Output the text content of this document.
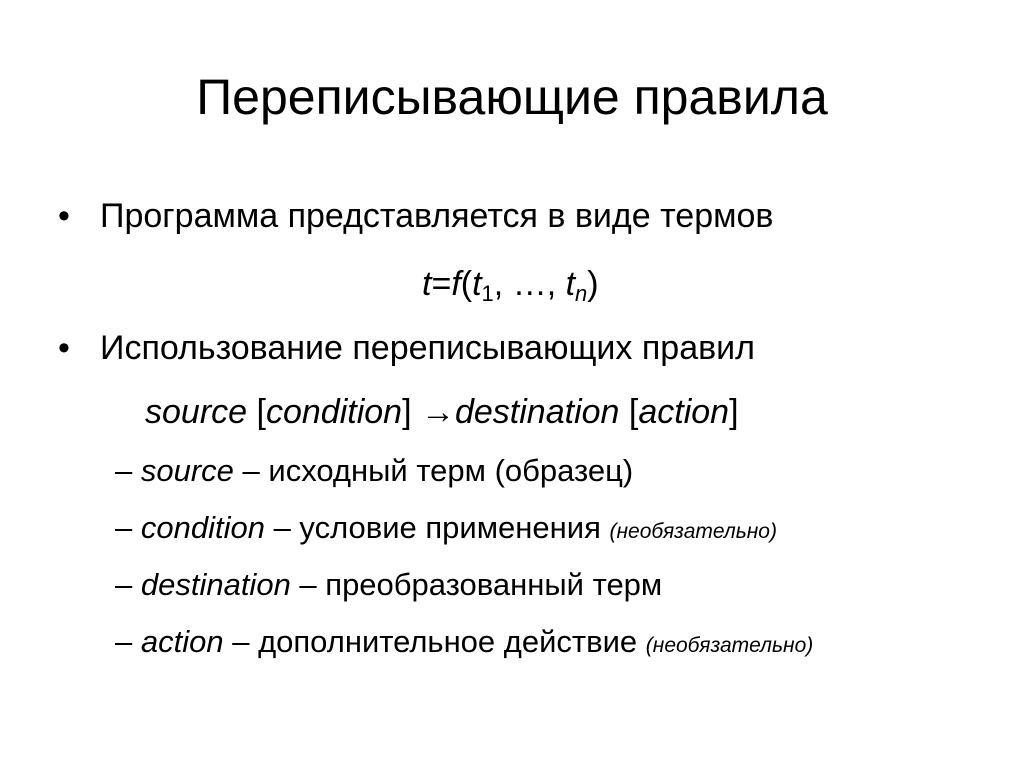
Переписывающие правила
• Программа представляется в виде термов
$t=f(t_1$, …, $t_n$)
• Использование переписывающих правил
source [condition] →destination [action]
– source – исходный терм (образец)
– condition – условие применения (необязательно)
– destination – преобразованный терм
– action – дополнительное действие (необязательно)
